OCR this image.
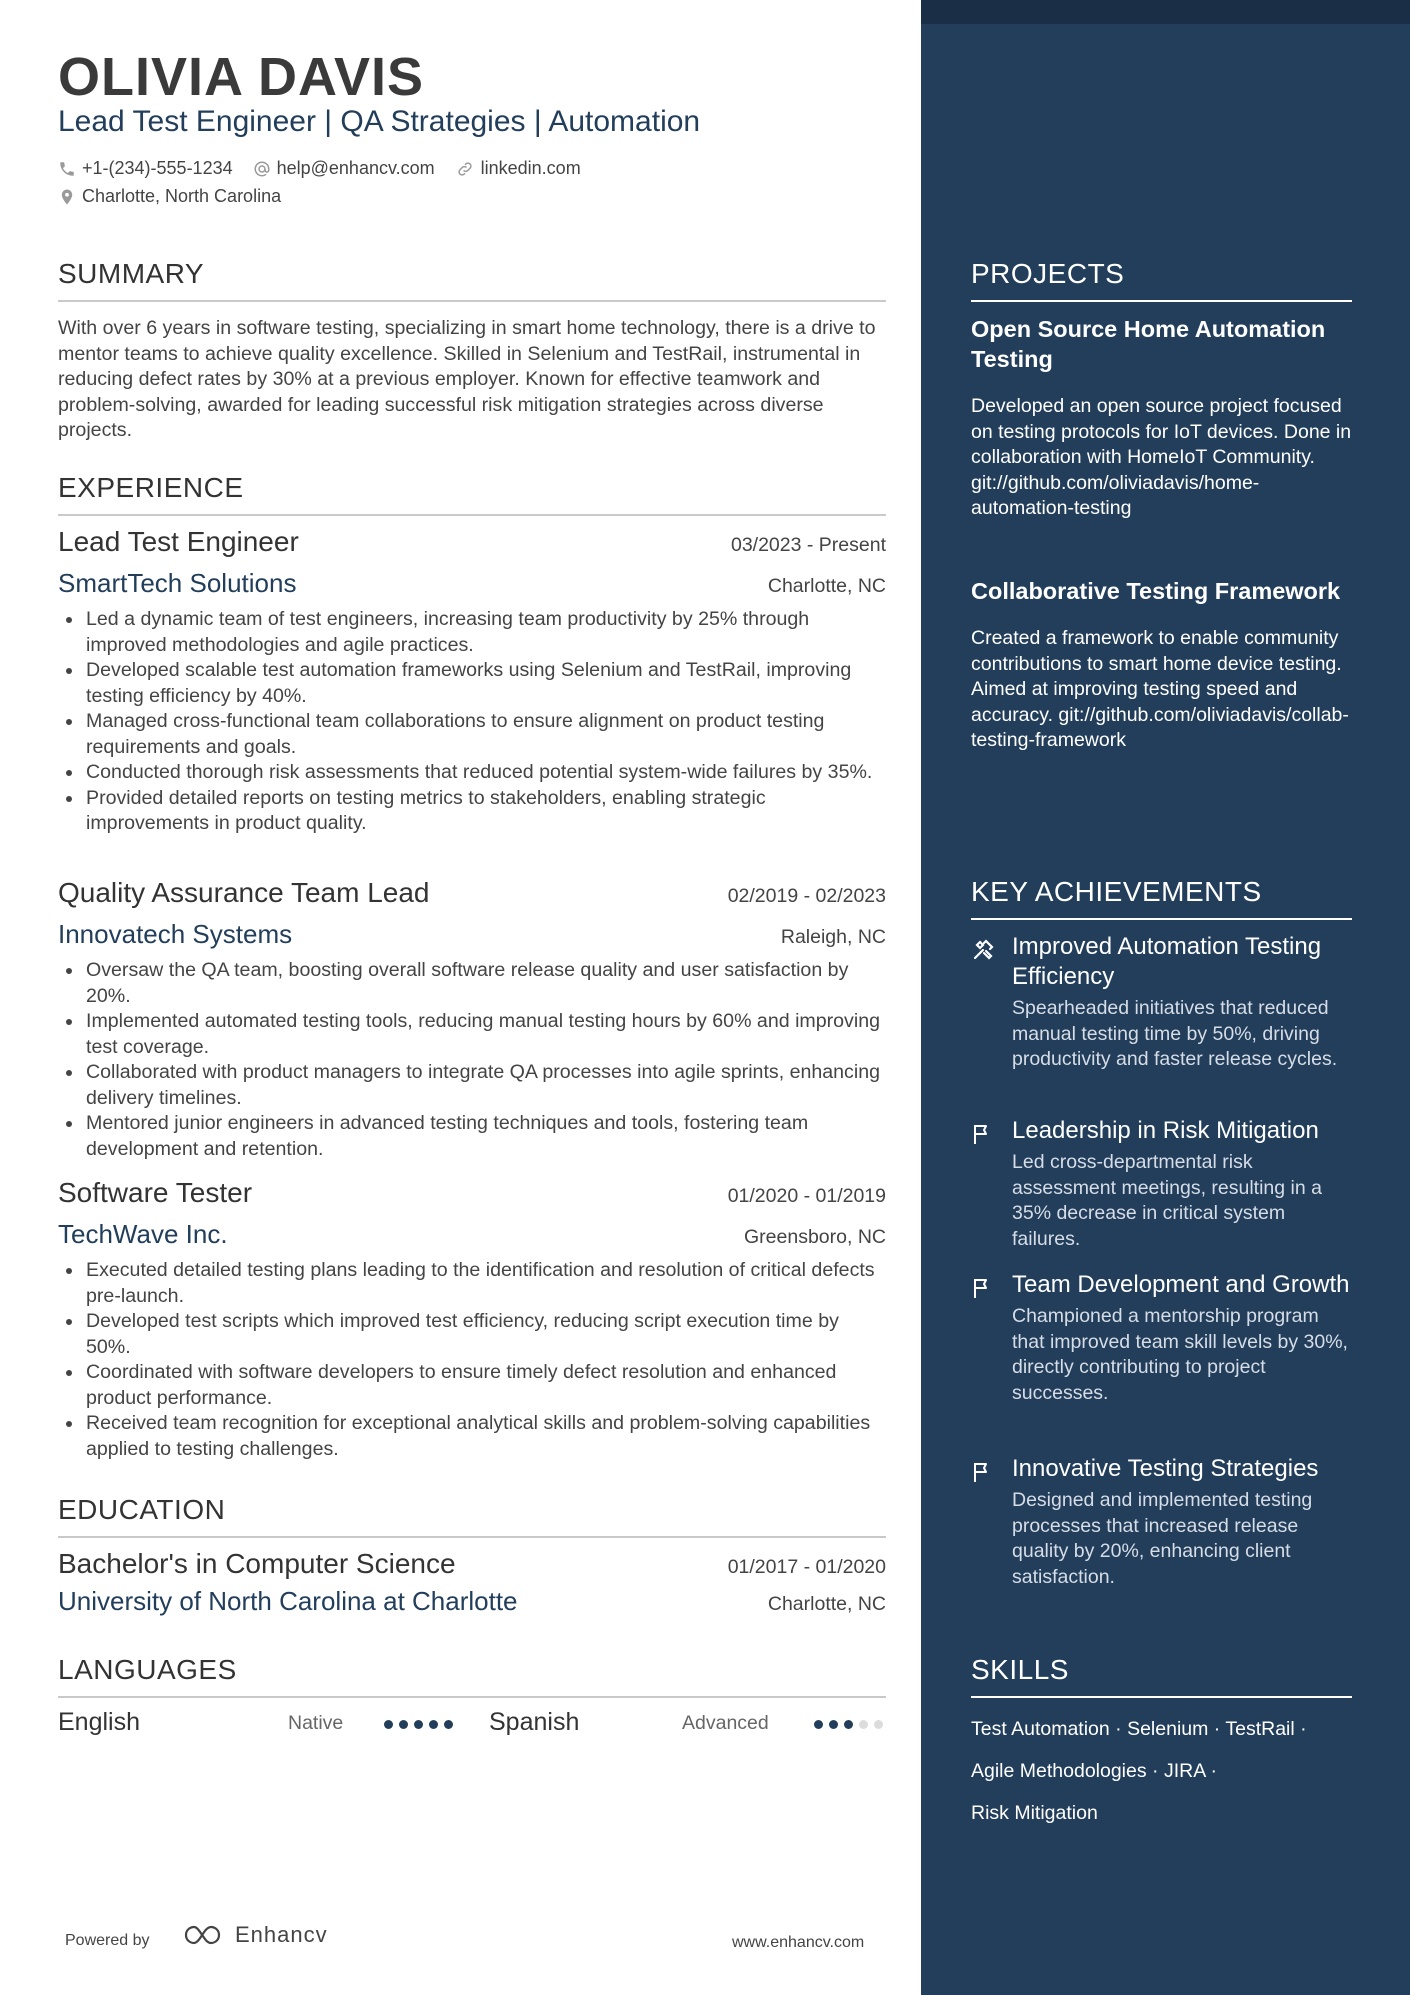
OLIVIA DAVIS
Lead Test Engineer | QA Strategies | Automation
+1-(234)-555-1234 help@enhancv.com	linkedin.com
Charlotte, North Carolina
SUMMARY
With over 6 years in software testing, specializing in smart home technology, there is a drive to mentor teams to achieve quality excellence. Skilled in Selenium and TestRail, instrumental in reducing defect rates by 30% at a previous employer. Known for effective teamwork and problem-solving, awarded for leading successful risk mitigation strategies across diverse projects.
EXPERIENCE
Lead Test Engineer	03/2023 - Present
SmartTech Solutions	Charlotte, NC
Led a dynamic team of test engineers, increasing team productivity by 25% through improved methodologies and agile practices.
Developed scalable test automation frameworks using Selenium and TestRail, improving testing efficiency by 40%.
Managed cross-functional team collaborations to ensure alignment on product testing requirements and goals.
Conducted thorough risk assessments that reduced potential system-wide failures by 35%.
Provided detailed reports on testing metrics to stakeholders, enabling strategic improvements in product quality.
Quality Assurance Team Lead	02/2019 - 02/2023
Innovatech Systems	Raleigh, NC
Oversaw the QA team, boosting overall software release quality and user satisfaction by 20%.
Implemented automated testing tools, reducing manual testing hours by 60% and improving test coverage.
Collaborated with product managers to integrate QA processes into agile sprints, enhancing delivery timelines.
Mentored junior engineers in advanced testing techniques and tools, fostering team development and retention.
Software Tester	01/2020 - 01/2019
TechWave Inc.	Greensboro, NC
Executed detailed testing plans leading to the identification and resolution of critical defects pre-launch.
Developed test scripts which improved test efficiency, reducing script execution time by 50%.
Coordinated with software developers to ensure timely defect resolution and enhanced product performance.
Received team recognition for exceptional analytical skills and problem-solving capabilities applied to testing challenges.
EDUCATION
Bachelor's in Computer Science	01/2017 - 01/2020
University of North Carolina at Charlotte	Charlotte, NC
LANGUAGES
English	Native	Spanish	Advanced
Powered by	Enhancv	www.enhancv.com
PROJECTS
Open Source Home Automation Testing
Developed an open source project focused on testing protocols for IoT devices. Done in collaboration with HomeIoT Community. git://github.com/oliviadavis/home-automation-testing
Collaborative Testing Framework
Created a framework to enable community contributions to smart home device testing. Aimed at improving testing speed and accuracy. git://github.com/oliviadavis/collab-testing-framework
KEY ACHIEVEMENTS
Improved Automation Testing Efficiency
Spearheaded initiatives that reduced manual testing time by 50%, driving productivity and faster release cycles.
Leadership in Risk Mitigation
Led cross-departmental risk assessment meetings, resulting in a 35% decrease in critical system failures.
Team Development and Growth
Championed a mentorship program that improved team skill levels by 30%, directly contributing to project successes.
Innovative Testing Strategies
Designed and implemented testing processes that increased release quality by 20%, enhancing client satisfaction.
SKILLS
Test Automation · Selenium · TestRail ·
Agile Methodologies · JIRA ·
Risk Mitigation
